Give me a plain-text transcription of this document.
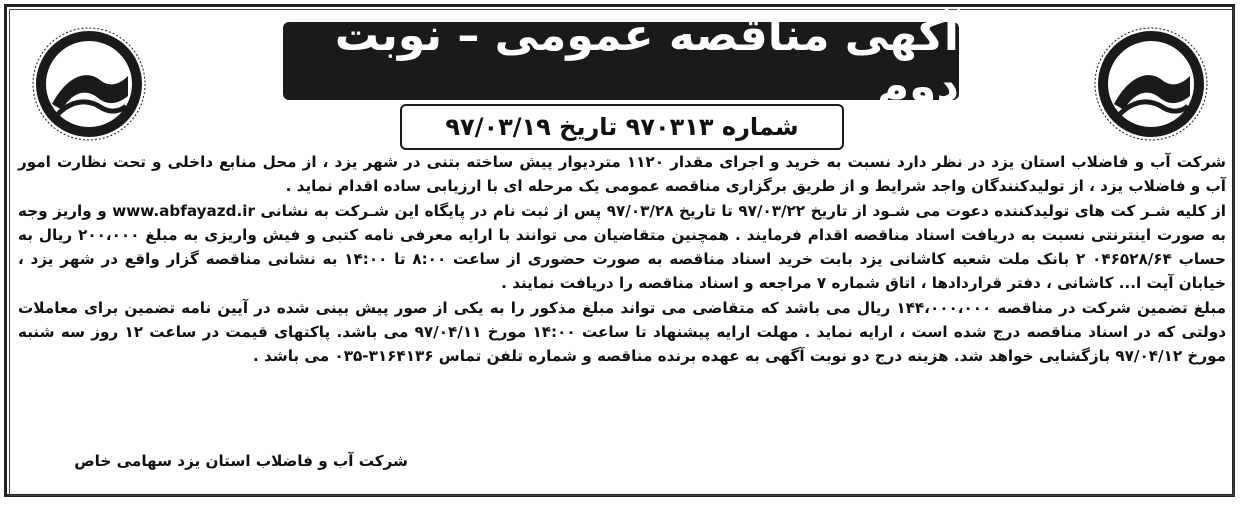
آگهی مناقصه عمومی – نوبت دوم
شماره ۹۷۰۳۱۳ تاریخ ۹۷/۰۳/۱۹

شرکت آب و فاضلاب استان یزد در نظر دارد نسبت به خرید و اجرای مقدار ۱۱۲۰ متردیوار پیش ساخته بتنی در شهر یزد ، از محل منابع داخلی و تحت نظارت امور آب و فاضلاب یزد ، از تولیدکنندگان واجد شرایط و از طریق برگزاری مناقصه عمومی یک مرحله ای با ارزیابی ساده اقدام نماید .

از کلیه شـر کت های تولیدکننده دعوت می شـود از تاریخ ۹۷/۰۳/۲۲ تا تاریخ ۹۷/۰۳/۲۸ پس از ثبت نام در پایگاه این شـرکت به نشانی www.abfayazd.ir و واریز وجه به صورت اینترنتی نسبت به دریافت اسناد مناقصه اقدام فرمایند . همچنین متقاضیان می توانند با ارایه معرفی نامه کتبی و فیش واریزی به مبلغ ۲۰۰،۰۰۰ ریال به حساب ۰۴۶۵۲۸/۶۴ ۲ بانک ملت شعبه کاشانی یزد بابت خرید اسناد مناقصه به صورت حضوری از ساعت ۸:۰۰ تا ۱۴:۰۰ به نشانی مناقصه گزار واقع در شهر یزد ، خیابان آیت ا... کاشانی ، دفتر قراردادها ، اتاق شماره ۷ مراجعه و اسناد مناقصه را دریافت نمایند .

مبلغ تضمین شرکت در مناقصه ۱۴۴،۰۰۰،۰۰۰ ریال می باشد که متقاضی می تواند مبلغ مذکور را به یکی از صور پیش بینی شده در آیین نامه تضمین برای معاملات دولتی که در اسناد مناقصه درج شده است ، ارایه نماید . مهلت ارایه پیشنهاد تا ساعت ۱۴:۰۰ مورخ ۹۷/۰۴/۱۱ می باشد. پاکتهای قیمت در ساعت ۱۲ روز سه شنبه مورخ ۹۷/۰۴/۱۲ بازگشایی خواهد شد. هزینه درج دو نوبت آگهی به عهده برنده مناقصه و شماره تلفن تماس ۳۱۶۴۱۳۶-۰۳۵ می باشد .

شرکت آب و فاضلاب استان یزد سهامی خاص
